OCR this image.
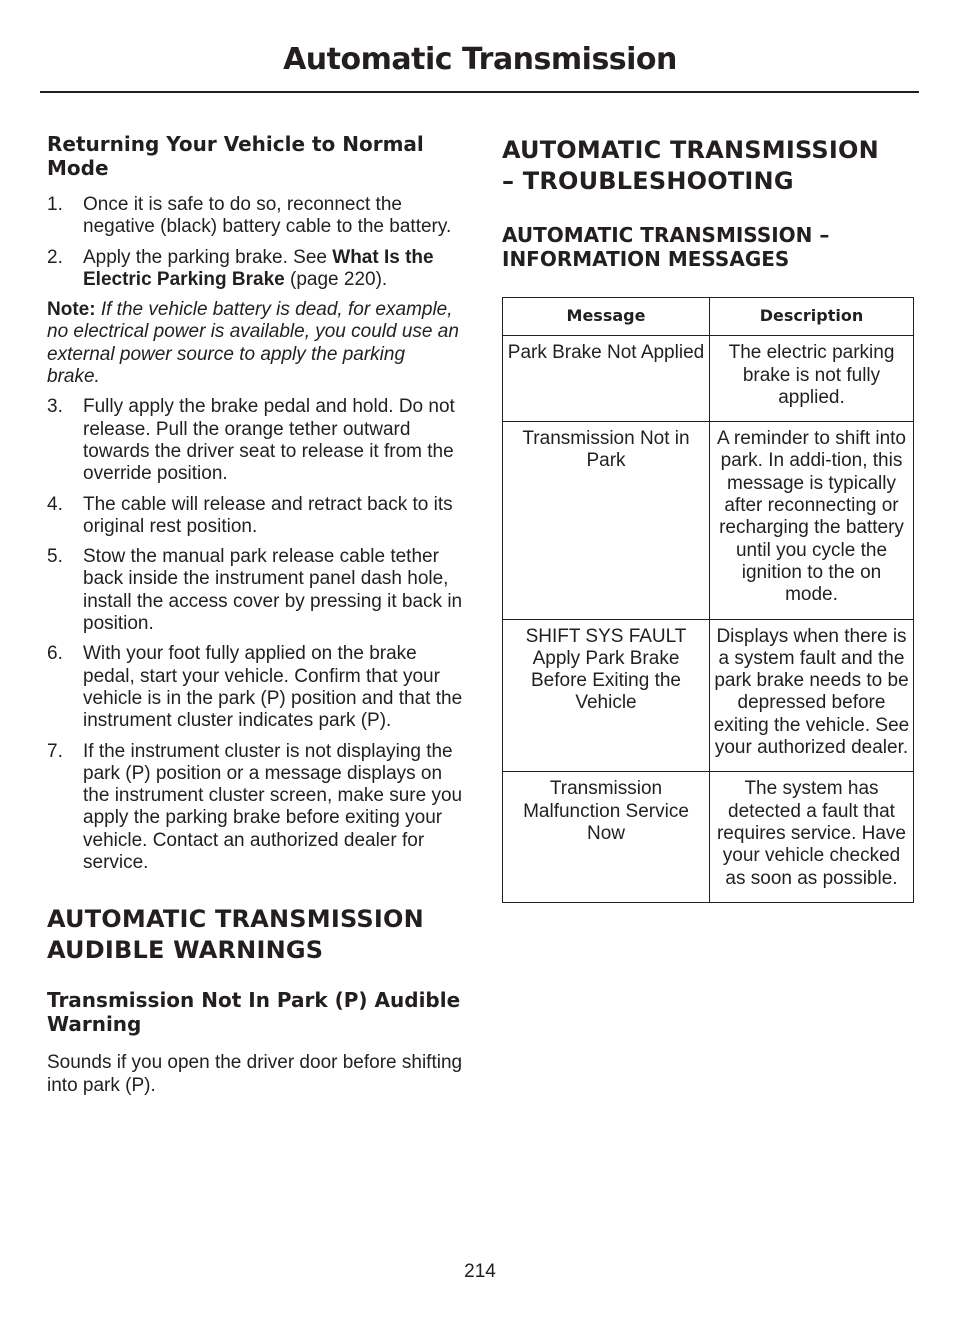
Automatic Transmission
Returning Your Vehicle to Normal Mode
1. Once it is safe to do so, reconnect the negative (black) battery cable to the battery.
2. Apply the parking brake. See What Is the Electric Parking Brake (page 220).

Note: If the vehicle battery is dead, for example, no electrical power is available, you could use an external power source to apply the parking brake.

3. Fully apply the brake pedal and hold. Do not release. Pull the orange tether outward towards the driver seat to release it from the override position.
4. The cable will release and retract back to its original rest position.
5. Stow the manual park release cable tether back inside the instrument panel dash hole, install the access cover by pressing it back in position.
6. With your foot fully applied on the brake pedal, start your vehicle. Confirm that your vehicle is in the park (P) position and that the instrument cluster indicates park (P).
7. If the instrument cluster is not displaying the park (P) position or a message displays on the instrument cluster screen, make sure you apply the parking brake before exiting your vehicle. Contact an authorized dealer for service.
AUTOMATIC TRANSMISSION
AUDIBLE WARNINGS
Transmission Not In Park (P) Audible Warning

Sounds if you open the driver door before shifting into park (P).

AUTOMATIC TRANSMISSION
– TROUBLESHOOTING
AUTOMATIC TRANSMISSION – INFORMATION MESSAGES
Message	Description
Park Brake Not Applied	The electric parking brake is not fully applied.
Transmission Not in Park	A reminder to shift into park. In addi-tion, this message is typically after reconnecting or recharging the battery until you cycle the ignition to the on mode.
SHIFT SYS FAULT Apply Park Brake Before Exiting the Vehicle	Displays when there is a system fault and the park brake needs to be depressed before exiting the vehicle. See your authorized dealer.
Transmission Malfunction Service Now	The system has detected a fault that requires service. Have your vehicle checked as soon as possible.
214
